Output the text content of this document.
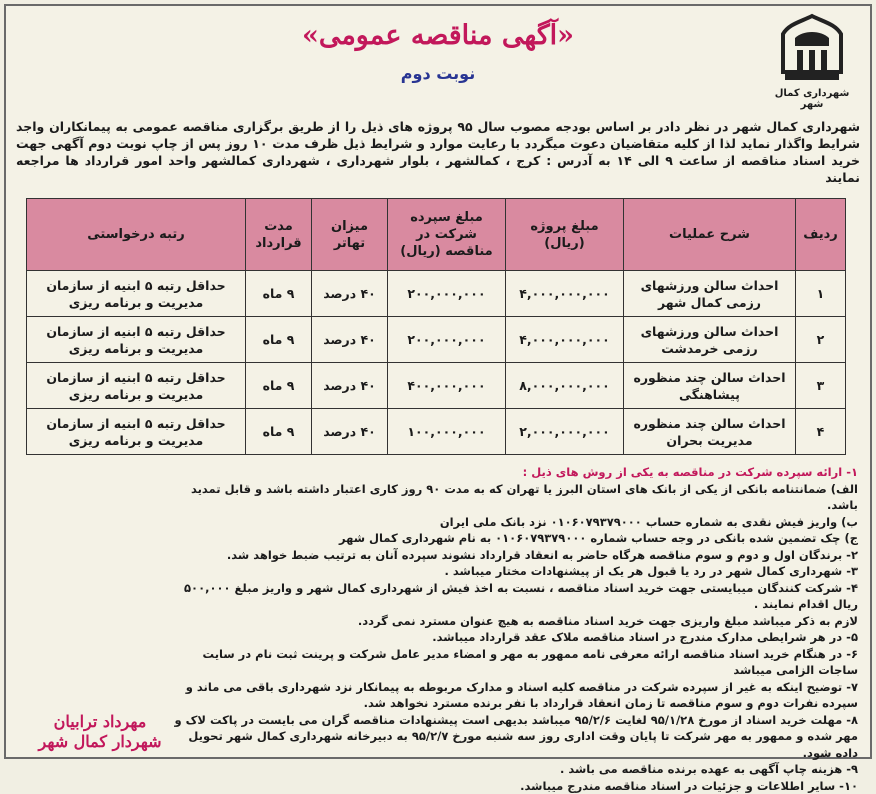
شهرداری کمال شهر
«آگهی مناقصه عمومی»
نوبت دوم

شهرداری کمال شهر در نظر دادر بر اساس بودجه مصوب سال ۹۵ پروژه های ذیل را از طریق برگزاری مناقصه عمومی به پیمانکاران واجد شرایط واگذار نماید لذا از کلیه متقاضیان دعوت میگردد با رعایت موارد و شرایط ذیل ظرف مدت ۱۰ روز پس از چاپ نوبت دوم آگهی جهت خرید اسناد مناقصه از ساعت ۹ الی ۱۴ به آدرس : کرج ، کمالشهر ، بلوار شهرداری ، شهرداری کمالشهر واحد امور قرارداد ها مراجعه نمایند

ردیف	شرح عملیات	مبلغ پروژه (ریال)	مبلغ سپرده شرکت در مناقصه (ریال)	میزان تهاتر	مدت قرارداد	رتبه درخواستی
۱	احداث سالن ورزشهای رزمی کمال شهر	۴,۰۰۰,۰۰۰,۰۰۰	۲۰۰,۰۰۰,۰۰۰	۴۰ درصد	۹ ماه	حداقل رتبه ۵ ابنیه از سازمان مدیریت و برنامه ریزی
۲	احداث سالن ورزشهای رزمی خرمدشت	۴,۰۰۰,۰۰۰,۰۰۰	۲۰۰,۰۰۰,۰۰۰	۴۰ درصد	۹ ماه	حداقل رتبه ۵ ابنیه از سازمان مدیریت و برنامه ریزی
۳	احداث سالن چند منظوره پیشاهنگی	۸,۰۰۰,۰۰۰,۰۰۰	۴۰۰,۰۰۰,۰۰۰	۴۰ درصد	۹ ماه	حداقل رتبه ۵ ابنیه از سازمان مدیریت و برنامه ریزی
۴	احداث سالن چند منظوره مدیریت بحران	۲,۰۰۰,۰۰۰,۰۰۰	۱۰۰,۰۰۰,۰۰۰	۴۰ درصد	۹ ماه	حداقل رتبه ۵ ابنیه از سازمان مدیریت و برنامه ریزی

۱- ارائه سپرده شرکت در مناقصه به یکی از روش های ذیل :

الف) ضمانتنامه بانکی از یکی از بانک های استان البرز یا تهران که به مدت ۹۰ روز کاری اعتبار داشته باشد و قابل تمدید باشد.

ب) واریز فیش نقدی به شماره حساب ۰۱۰۶۰۷۹۳۷۹۰۰۰ نزد بانک ملی ایران

ج) چک تضمین شده بانکی در وجه حساب شماره ۰۱۰۶۰۷۹۳۷۹۰۰۰ به نام شهرداری کمال شهر

۲- برندگان اول و دوم و سوم مناقصه هرگاه حاضر به انعقاد قرارداد نشوند سپرده آنان به ترتیب ضبط خواهد شد.

۳- شهرداری کمال شهر در رد یا قبول هر یک از پیشنهادات مختار میباشد .

۴- شرکت کنندگان میبایستی جهت خرید اسناد مناقصه ، نسبت به اخذ فیش از شهرداری کمال شهر و واریز مبلغ ۵۰۰,۰۰۰ ریال اقدام نمایند .

لازم به ذکر میباشد مبلغ واریزی جهت خرید اسناد مناقصه به هیچ عنوان مسترد نمی گردد.

۵- در هر شرایطی مدارک مندرج در اسناد مناقصه ملاک عقد قرارداد میباشد.

۶- در هنگام خرید اسناد مناقصه ارائه معرفی نامه ممهور به مهر و امضاء مدیر عامل شرکت و پرینت ثبت نام در سایت ساجات الزامی میباشد

۷- توضیح اینکه به غیر از سپرده شرکت در مناقصه کلیه اسناد و مدارک مربوطه به پیمانکار نزد شهرداری باقی می ماند و سپرده نفرات دوم و سوم مناقصه تا زمان انعقاد قرارداد با نفر برنده مسترد نخواهد شد.

۸- مهلت خرید اسناد از مورخ ۹۵/۱/۲۸ لغایت ۹۵/۲/۶ میباشد بدیهی است پیشنهادات مناقصه گران می بایست در پاکت لاک و مهر شده و ممهور به مهر شرکت تا پایان وقت اداری روز سه شنبه مورخ ۹۵/۲/۷ به دبیرخانه شهرداری کمال شهر تحویل داده شود.

۹- هزینه چاپ آگهی به عهده برنده مناقصه می باشد .

۱۰- سایر اطلاعات و جزئیات در اسناد مناقصه مندرج میباشد.

مهرداد ترابیان
شهردار کمال شهر
